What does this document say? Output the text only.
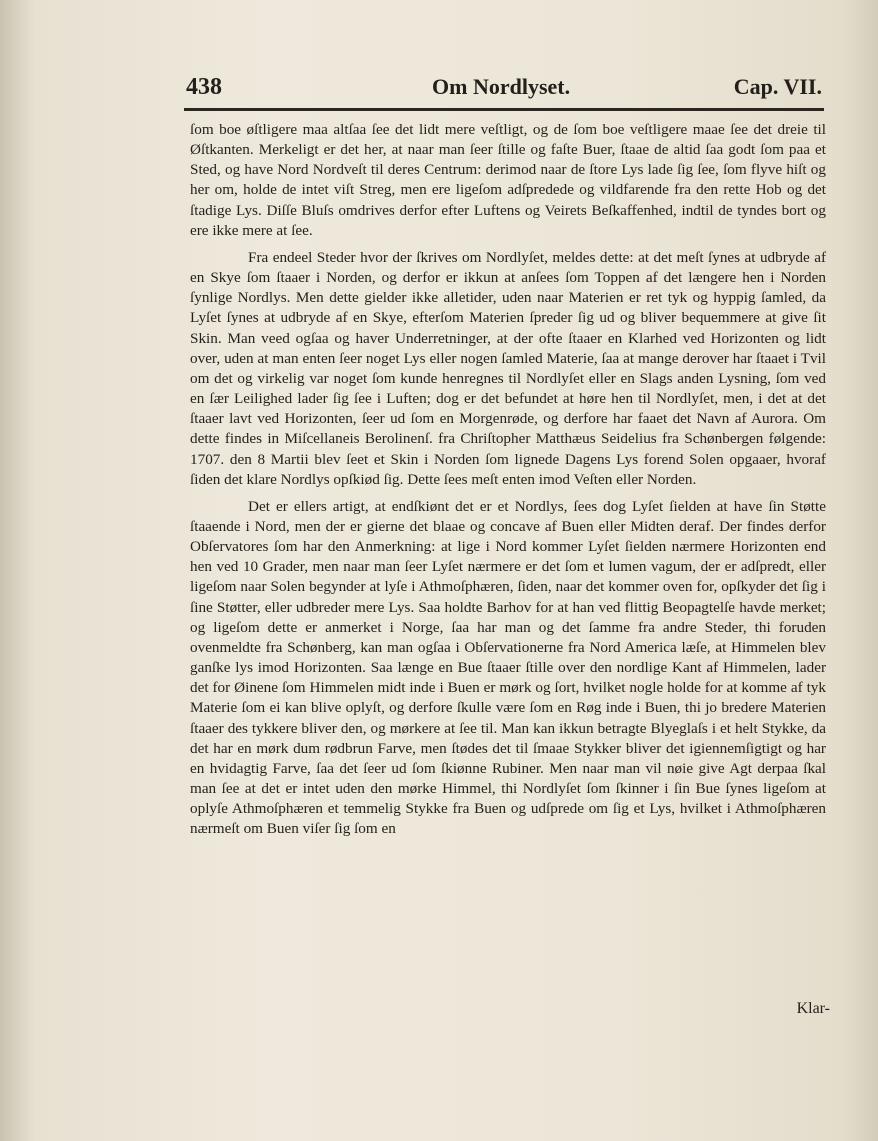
438	Om Nordlyset.	Cap. VII.

ſom boe øſtligere maa altſaa ſee det lidt mere veſtligt, og de ſom boe veſtligere maae ſee det dreie til Øſtkanten. Merkeligt er det her, at naar man ſeer ſtille og faſte Buer, ſtaae de altid ſaa godt ſom paa et Sted, og have Nord Nordveſt til deres Centrum: derimod naar de ſtore Lys lade ſig ſee, ſom flyve hiſt og her om, holde de intet viſt Streg, men ere ligeſom adſpredede og vildfarende fra den rette Hob og det ſtadige Lys. Diſſe Bluſs omdrives derfor efter Luftens og Veirets Beſkaffenhed, indtil de tyndes bort og ere ikke mere at ſee.

Fra endeel Steder hvor der ſkrives om Nordlyſet, meldes dette: at det meſt ſynes at udbryde af en Skye ſom ſtaaer i Norden, og derfor er ikkun at anſees ſom Toppen af det længere hen i Norden ſynlige Nordlys. Men dette gielder ikke alletider, uden naar Materien er ret tyk og hyppig ſamled, da Lyſet ſynes at udbryde af en Skye, efterſom Materien ſpreder ſig ud og bliver bequemmere at give ſit Skin. Man veed ogſaa og haver Underretninger, at der ofte ſtaaer en Klarhed ved Horizonten og lidt over, uden at man enten ſeer noget Lys eller nogen ſamled Materie, ſaa at mange derover har ſtaaet i Tvil om det og virkelig var noget ſom kunde henregnes til Nordlyſet eller en Slags anden Lysning, ſom ved en ſær Leilighed lader ſig ſee i Luften; dog er det befundet at høre hen til Nordlyſet, men, i det at det ſtaaer lavt ved Horizonten, ſeer ud ſom en Morgenrøde, og derfore har faaet det Navn af Aurora. Om dette findes in Miſcellaneis Berolinenſ. fra Chriſtopher Matthæus Seidelius fra Schønbergen følgende: 1707. den 8 Martii blev ſeet et Skin i Norden ſom lignede Dagens Lys forend Solen opgaaer, hvoraf ſiden det klare Nordlys opſkiød ſig. Dette ſees meſt enten imod Veſten eller Norden.

Det er ellers artigt, at endſkiønt det er et Nordlys, ſees dog Lyſet ſielden at have ſin Støtte ſtaaende i Nord, men der er gierne det blaae og concave af Buen eller Midten deraf. Der findes derfor Obſervatores ſom har den Anmerkning: at lige i Nord kommer Lyſet ſielden nærmere Horizonten end hen ved 10 Grader, men naar man ſeer Lyſet nærmere er det ſom et lumen vagum, der er adſpredt, eller ligeſom naar Solen begynder at lyſe i Athmoſphæren, ſiden, naar det kommer oven for, opſkyder det ſig i ſine Støtter, eller udbreder mere Lys. Saa holdte Barhov for at han ved flittig Beopagtelſe havde merket; og ligeſom dette er anmerket i Norge, ſaa har man og det ſamme fra andre Steder, thi foruden ovenmeldte fra Schønberg, kan man ogſaa i Obſervationerne fra Nord America læſe, at Himmelen blev ganſke lys imod Horizonten. Saa længe en Bue ſtaaer ſtille over den nordlige Kant af Himmelen, lader det for Øinene ſom Himmelen midt inde i Buen er mørk og ſort, hvilket nogle holde for at komme af tyk Materie ſom ei kan blive oplyſt, og derfore ſkulle være ſom en Røg inde i Buen, thi jo bredere Materien ſtaaer des tykkere bliver den, og mørkere at ſee til. Man kan ikkun betragte Blyeglaſs i et helt Stykke, da det har en mørk dum rødbrun Farve, men ſtødes det til ſmaae Stykker bliver det igiennemſigtigt og har en hvidagtig Farve, ſaa det ſeer ud ſom ſkiønne Rubiner. Men naar man vil nøie give Agt derpaa ſkal man ſee at det er intet uden den mørke Himmel, thi Nordlyſet ſom ſkinner i ſin Bue ſynes ligeſom at oplyſe Athmoſphæren et temmelig Stykke fra Buen og udſprede om ſig et Lys, hvilket i Athmoſphæren nærmeſt om Buen viſer ſig ſom en

Klar-
